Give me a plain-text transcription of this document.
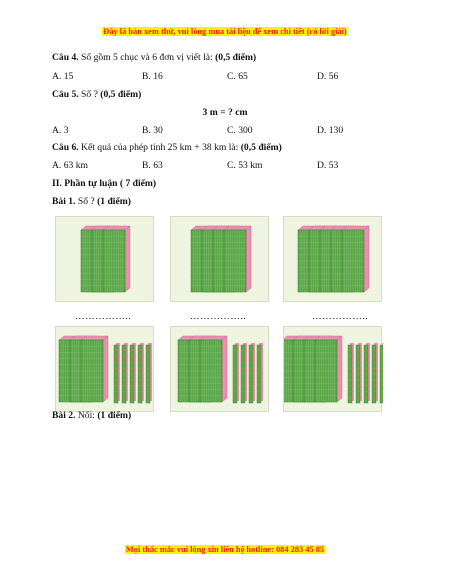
Đây là bản xem thử, vui lòng mua tài liệu để xem chi tiết (có lời giải)
Câu 4. Số gồm 5 chục và 6 đơn vị viết là: (0,5 điểm)
A. 15	B. 16	C. 65	D. 56
Câu 5. Số ? (0,5 điểm)
3 m = ? cm
A. 3	B. 30	C. 300	D. 130
Câu 6. Kết quả của phép tính 25 km + 38 km là: (0,5 điểm)
A. 63 km	B. 63	C. 53 km	D. 53
II. Phần tự luận ( 7 điểm)
Bài 1. Số ? (1 điểm)
……………..	……………..	……………..
Bài 2. Nối: (1 điểm)
Mọi thắc mắc vui lòng xin liên hệ hotline: 084 283 45 85
